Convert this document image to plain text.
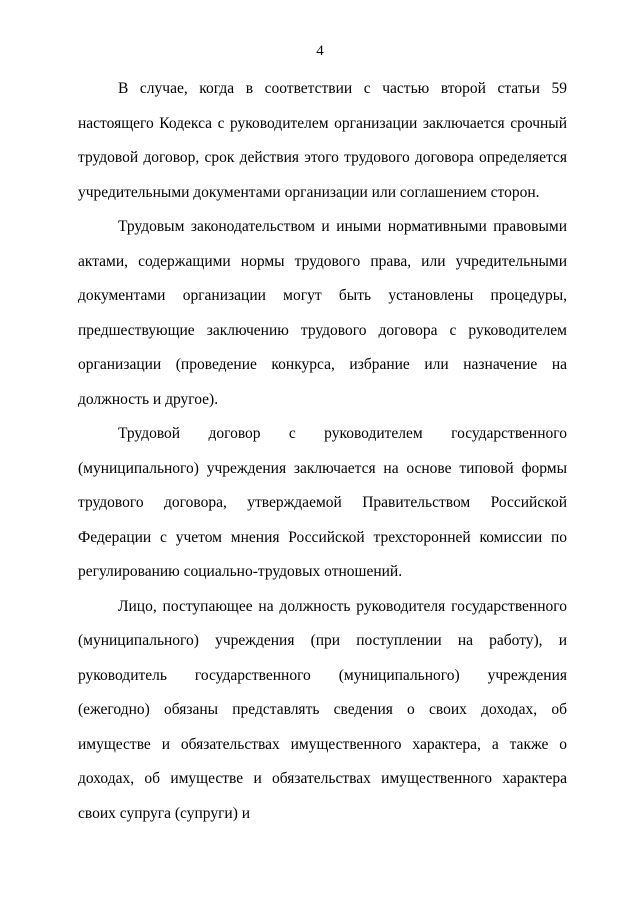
4

В случае, когда в соответствии с частью второй статьи 59 настоящего Кодекса с руководителем организации заключается срочный трудовой договор, срок действия этого трудового договора определяется учредительными документами организации или соглашением сторон.

Трудовым законодательством и иными нормативными правовыми актами, содержащими нормы трудового права, или учредительными документами организации могут быть установлены процедуры, предшествующие заключению трудового договора с руководителем организации (проведение конкурса, избрание или назначение на должность и другое).

Трудовой договор с руководителем государственного (муниципального) учреждения заключается на основе типовой формы трудового договора, утверждаемой Правительством Российской Федерации с учетом мнения Российской трехсторонней комиссии по регулированию социально-трудовых отношений.

Лицо, поступающее на должность руководителя государственного (муниципального) учреждения (при поступлении на работу), и руководитель государственного (муниципального) учреждения (ежегодно) обязаны представлять сведения о своих доходах, об имуществе и обязательствах имущественного характера, а также о доходах, об имуществе и обязательствах имущественного характера своих супруга (супруги) и
